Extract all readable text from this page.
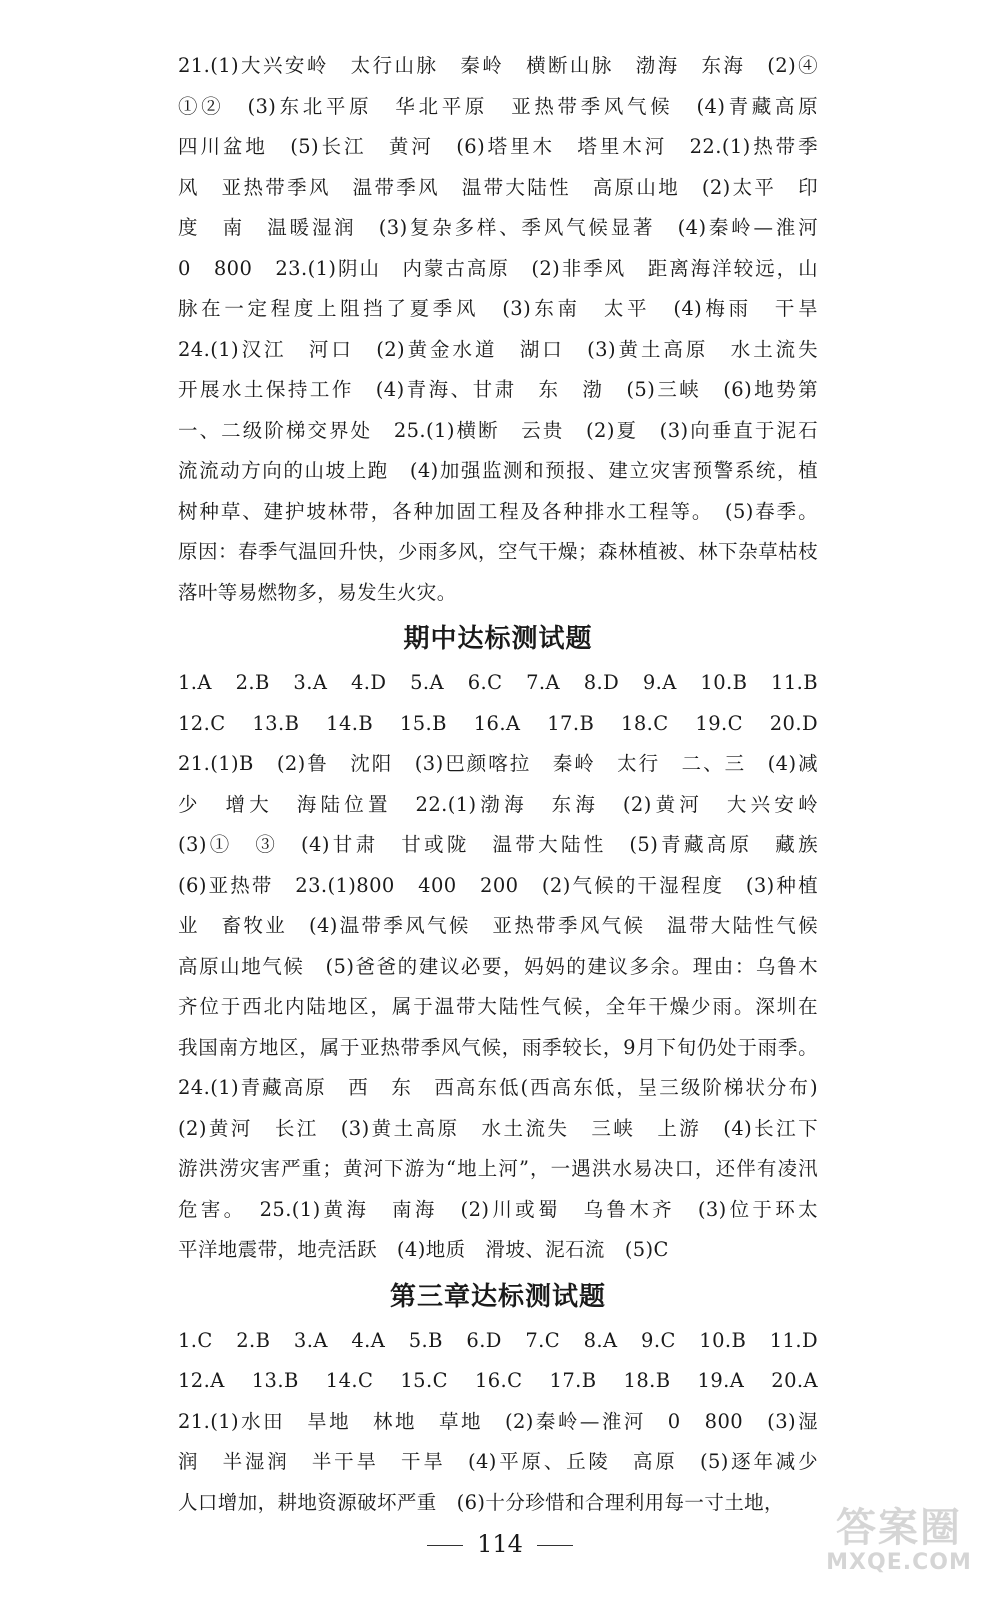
21.(1)大兴安岭　太行山脉　秦岭　横断山脉　渤海　东海　(2)④
①②　(3)东北平原　华北平原　亚热带季风气候　(4)青藏高原
四川盆地　(5)长江　黄河　(6)塔里木　塔里木河　22.(1)热带季
风　亚热带季风　温带季风　温带大陆性　高原山地　(2)太平　印
度　南　温暖湿润　(3)复杂多样、季风气候显著　(4)秦岭—淮河
0　800　23.(1)阴山　内蒙古高原　(2)非季风　距离海洋较远，山
脉在一定程度上阻挡了夏季风　(3)东南　太平　(4)梅雨　干旱
24.(1)汉江　河口　(2)黄金水道　湖口　(3)黄土高原　水土流失
开展水土保持工作　(4)青海、甘肃　东　渤　(5)三峡　(6)地势第
一、二级阶梯交界处　25.(1)横断　云贵　(2)夏　(3)向垂直于泥石
流流动方向的山坡上跑　(4)加强监测和预报、建立灾害预警系统，植
树种草、建护坡林带，各种加固工程及各种排水工程等。　(5)春季。
原因：春季气温回升快，少雨多风，空气干燥；森林植被、林下杂草枯枝
落叶等易燃物多，易发生火灾。
期中达标测试题
1.A　2.B　3.A　4.D　5.A　6.C　7.A　8.D　9.A　10.B　11.B
12.C　13.B　14.B　15.B　16.A　17.B　18.C　19.C　20.D
21.(1)B　(2)鲁　沈阳　(3)巴颜喀拉　秦岭　太行　二、三　(4)减
少　增大　海陆位置　22.(1)渤海　东海　(2)黄河　大兴安岭
(3)①　③　(4)甘肃　甘或陇　温带大陆性　(5)青藏高原　藏族
(6)亚热带　23.(1)800　400　200　(2)气候的干湿程度　(3)种植
业　畜牧业　(4)温带季风气候　亚热带季风气候　温带大陆性气候
高原山地气候　(5)爸爸的建议必要，妈妈的建议多余。理由：乌鲁木
齐位于西北内陆地区，属于温带大陆性气候，全年干燥少雨。深圳在
我国南方地区，属于亚热带季风气候，雨季较长，9月下旬仍处于雨季。
24.(1)青藏高原　西　东　西高东低(西高东低，呈三级阶梯状分布)
(2)黄河　长江　(3)黄土高原　水土流失　三峡　上游　(4)长江下
游洪涝灾害严重；黄河下游为“地上河”，一遇洪水易决口，还伴有凌汛
危害。　25.(1)黄海　南海　(2)川或蜀　乌鲁木齐　(3)位于环太
平洋地震带，地壳活跃　(4)地质　滑坡、泥石流　(5)C
第三章达标测试题
1.C　2.B　3.A　4.A　5.B　6.D　7.C　8.A　9.C　10.B　11.D
12.A　13.B　14.C　15.C　16.C　17.B　18.B　19.A　20.A
21.(1)水田　旱地　林地　草地　(2)秦岭—淮河　0　800　(3)湿
润　半湿润　半干旱　干旱　(4)平原、丘陵　高原　(5)逐年减少
人口增加，耕地资源破坏严重　(6)十分珍惜和合理利用每一寸土地，
114	答案圈
MXQE.COM
